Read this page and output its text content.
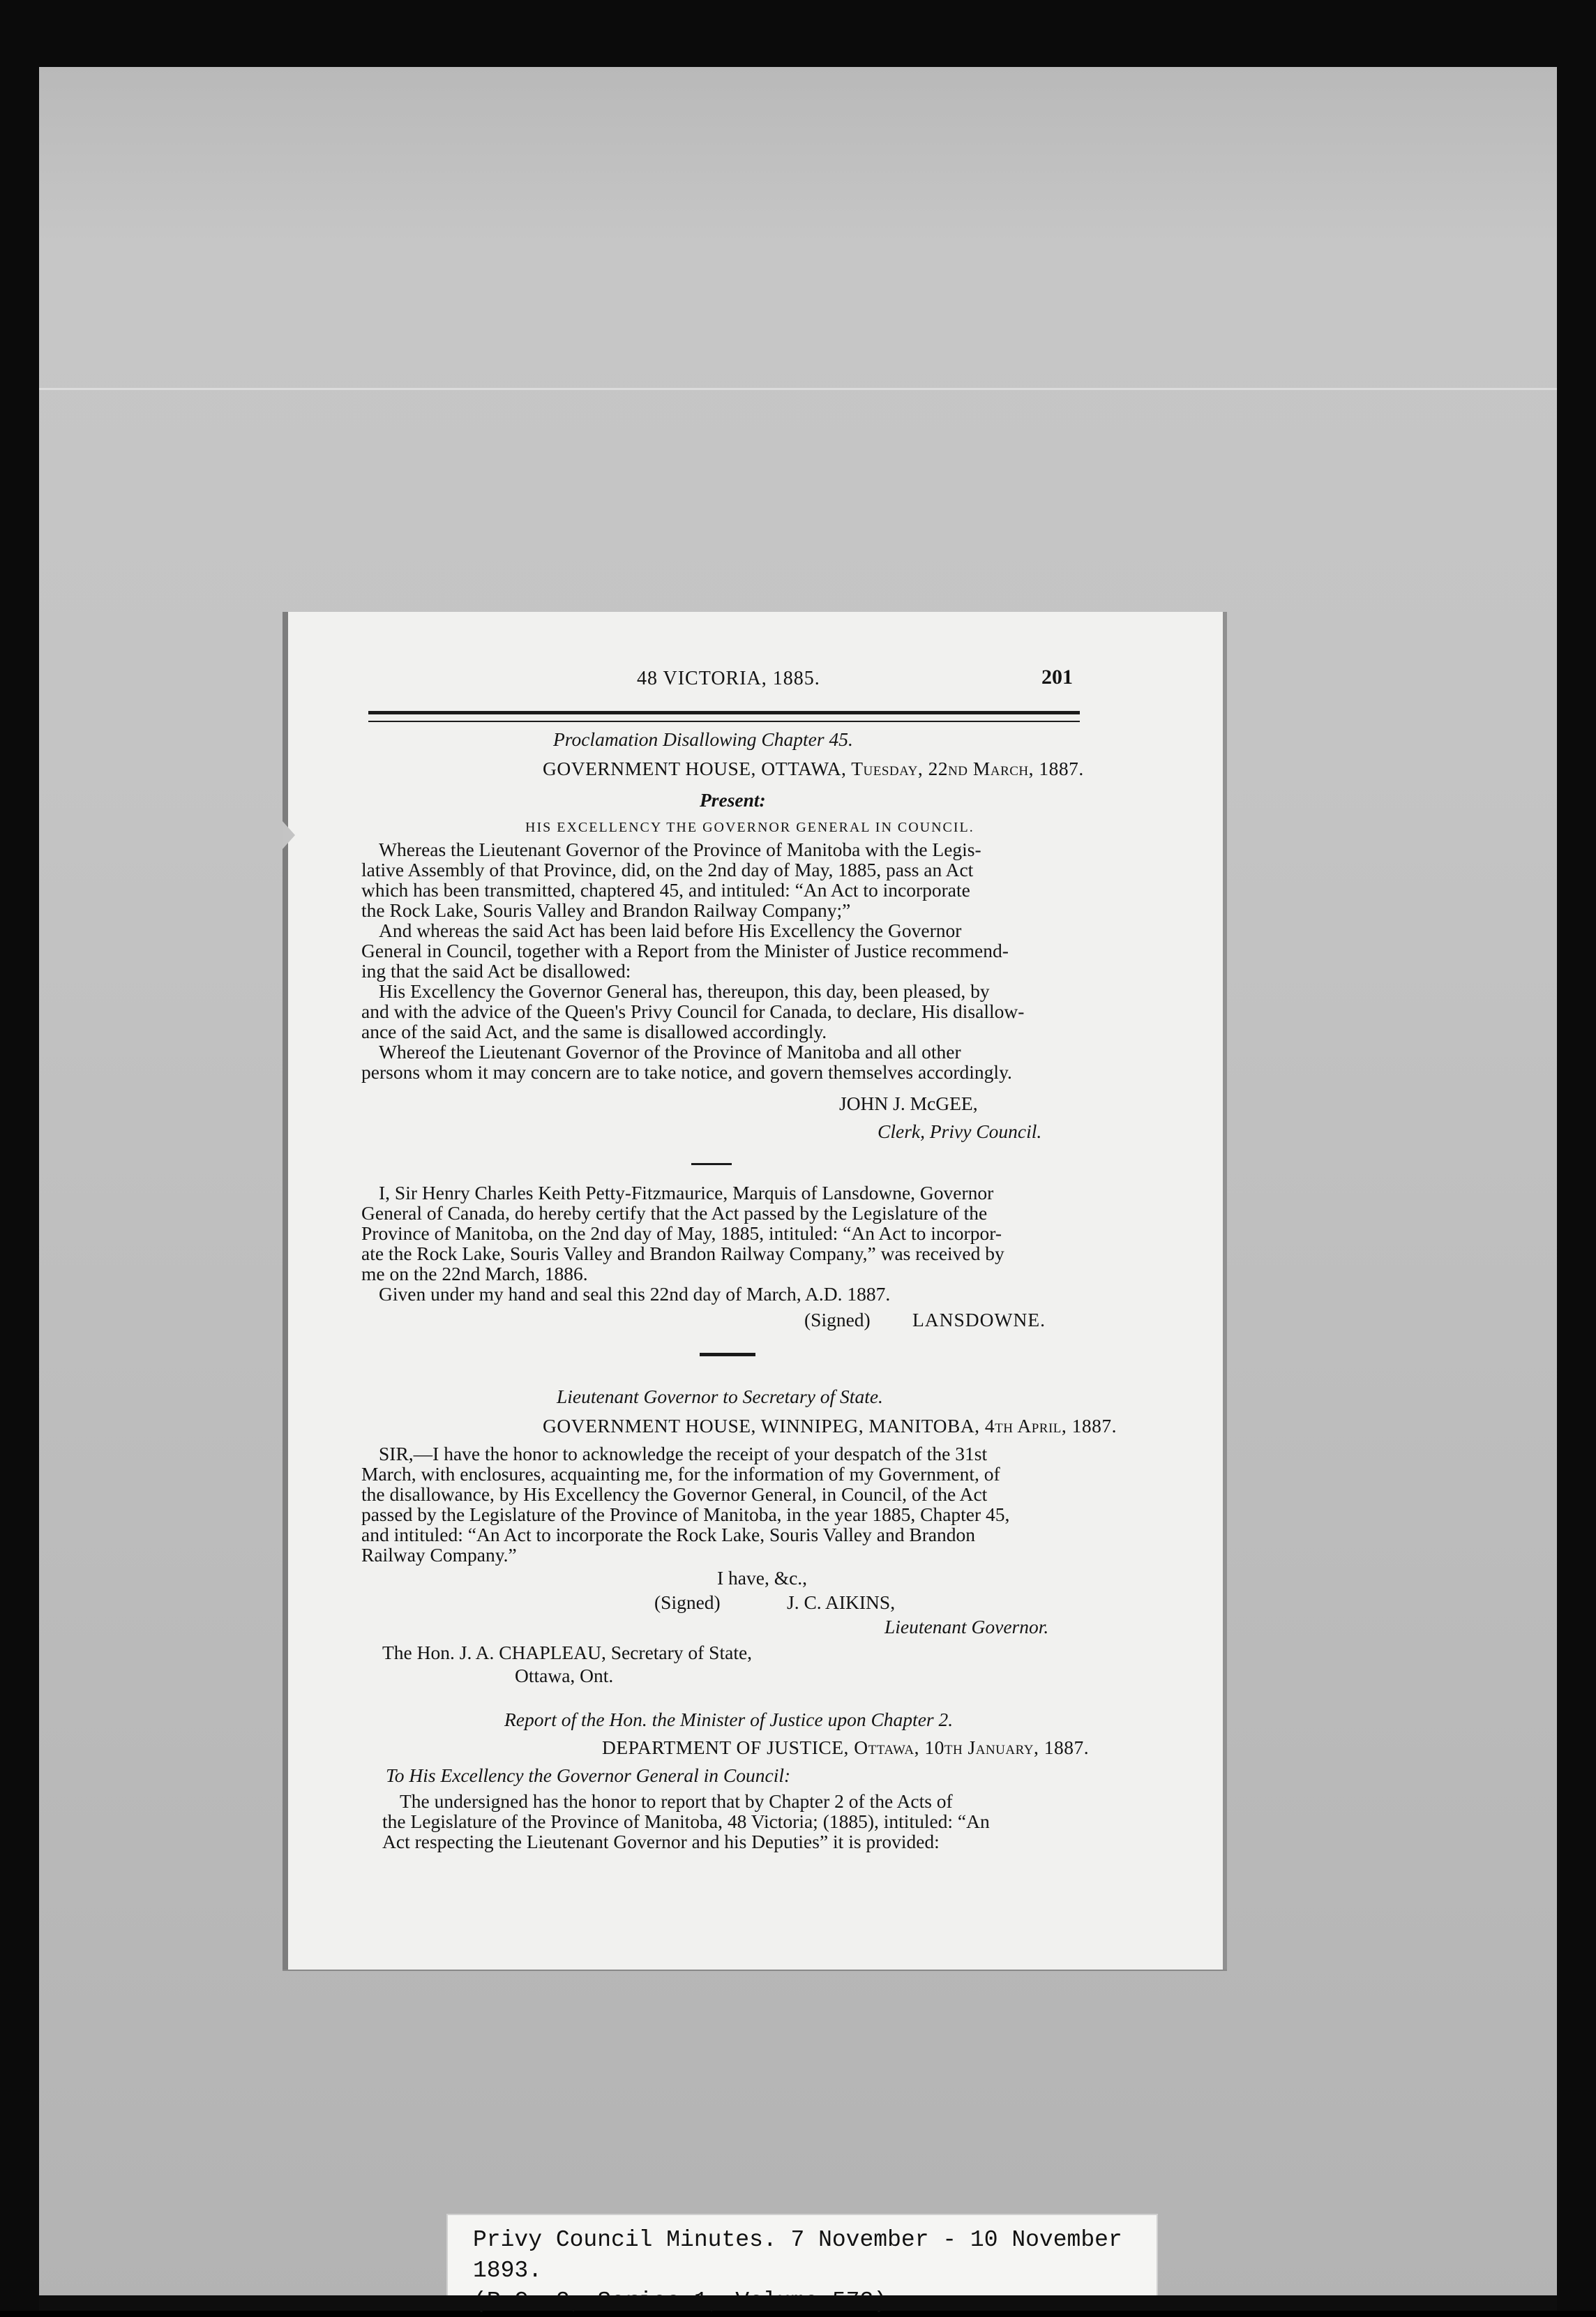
48 VICTORIA, 1885.	201
Proclamation Disallowing Chapter 45.
GOVERNMENT HOUSE, OTTAWA, Tuesday, 22nd March, 1887.
Present:
HIS EXCELLENCY THE GOVERNOR GENERAL IN COUNCIL.
Whereas the Lieutenant Governor of the Province of Manitoba with the Legis-
lative Assembly of that Province, did, on the 2nd day of May, 1885, pass an Act
which has been transmitted, chaptered 45, and intituled: “An Act to incorporate
the Rock Lake, Souris Valley and Brandon Railway Company;”
And whereas the said Act has been laid before His Excellency the Governor
General in Council, together with a Report from the Minister of Justice recommend-
ing that the said Act be disallowed:
His Excellency the Governor General has, thereupon, this day, been pleased, by
and with the advice of the Queen's Privy Council for Canada, to declare, His disallow-
ance of the said Act, and the same is disallowed accordingly.
Whereof the Lieutenant Governor of the Province of Manitoba and all other
persons whom it may concern are to take notice, and govern themselves accordingly.
JOHN J. McGEE,
Clerk, Privy Council.
I, Sir Henry Charles Keith Petty-Fitzmaurice, Marquis of Lansdowne, Governor
General of Canada, do hereby certify that the Act passed by the Legislature of the
Province of Manitoba, on the 2nd day of May, 1885, intituled: “An Act to incorpor-
ate the Rock Lake, Souris Valley and Brandon Railway Company,” was received by
me on the 22nd March, 1886.
Given under my hand and seal this 22nd day of March, A.D. 1887.
(Signed) LANSDOWNE.
Lieutenant Governor to Secretary of State.
GOVERNMENT HOUSE, WINNIPEG, MANITOBA, 4th April, 1887.
SIR,—I have the honor to acknowledge the receipt of your despatch of the 31st
March, with enclosures, acquainting me, for the information of my Government, of
the disallowance, by His Excellency the Governor General, in Council, of the Act
passed by the Legislature of the Province of Manitoba, in the year 1885, Chapter 45,
and intituled: “An Act to incorporate the Rock Lake, Souris Valley and Brandon
Railway Company.”
I have, &c.,
(Signed)	J. C. AIKINS,
Lieutenant Governor.
The Hon. J. A. CHAPLEAU, Secretary of State,
Ottawa, Ont.
Report of the Hon. the Minister of Justice upon Chapter 2.
DEPARTMENT OF JUSTICE, Ottawa, 10th January, 1887.
To His Excellency the Governor General in Council:
The undersigned has the honor to report that by Chapter 2 of the Acts of
the Legislature of the Province of Manitoba, 48 Victoria; (1885), intituled: “An
Act respecting the Lieutenant Governor and his Deputies” it is provided:
Privy Council Minutes. 7 November - 10 November 1893.
